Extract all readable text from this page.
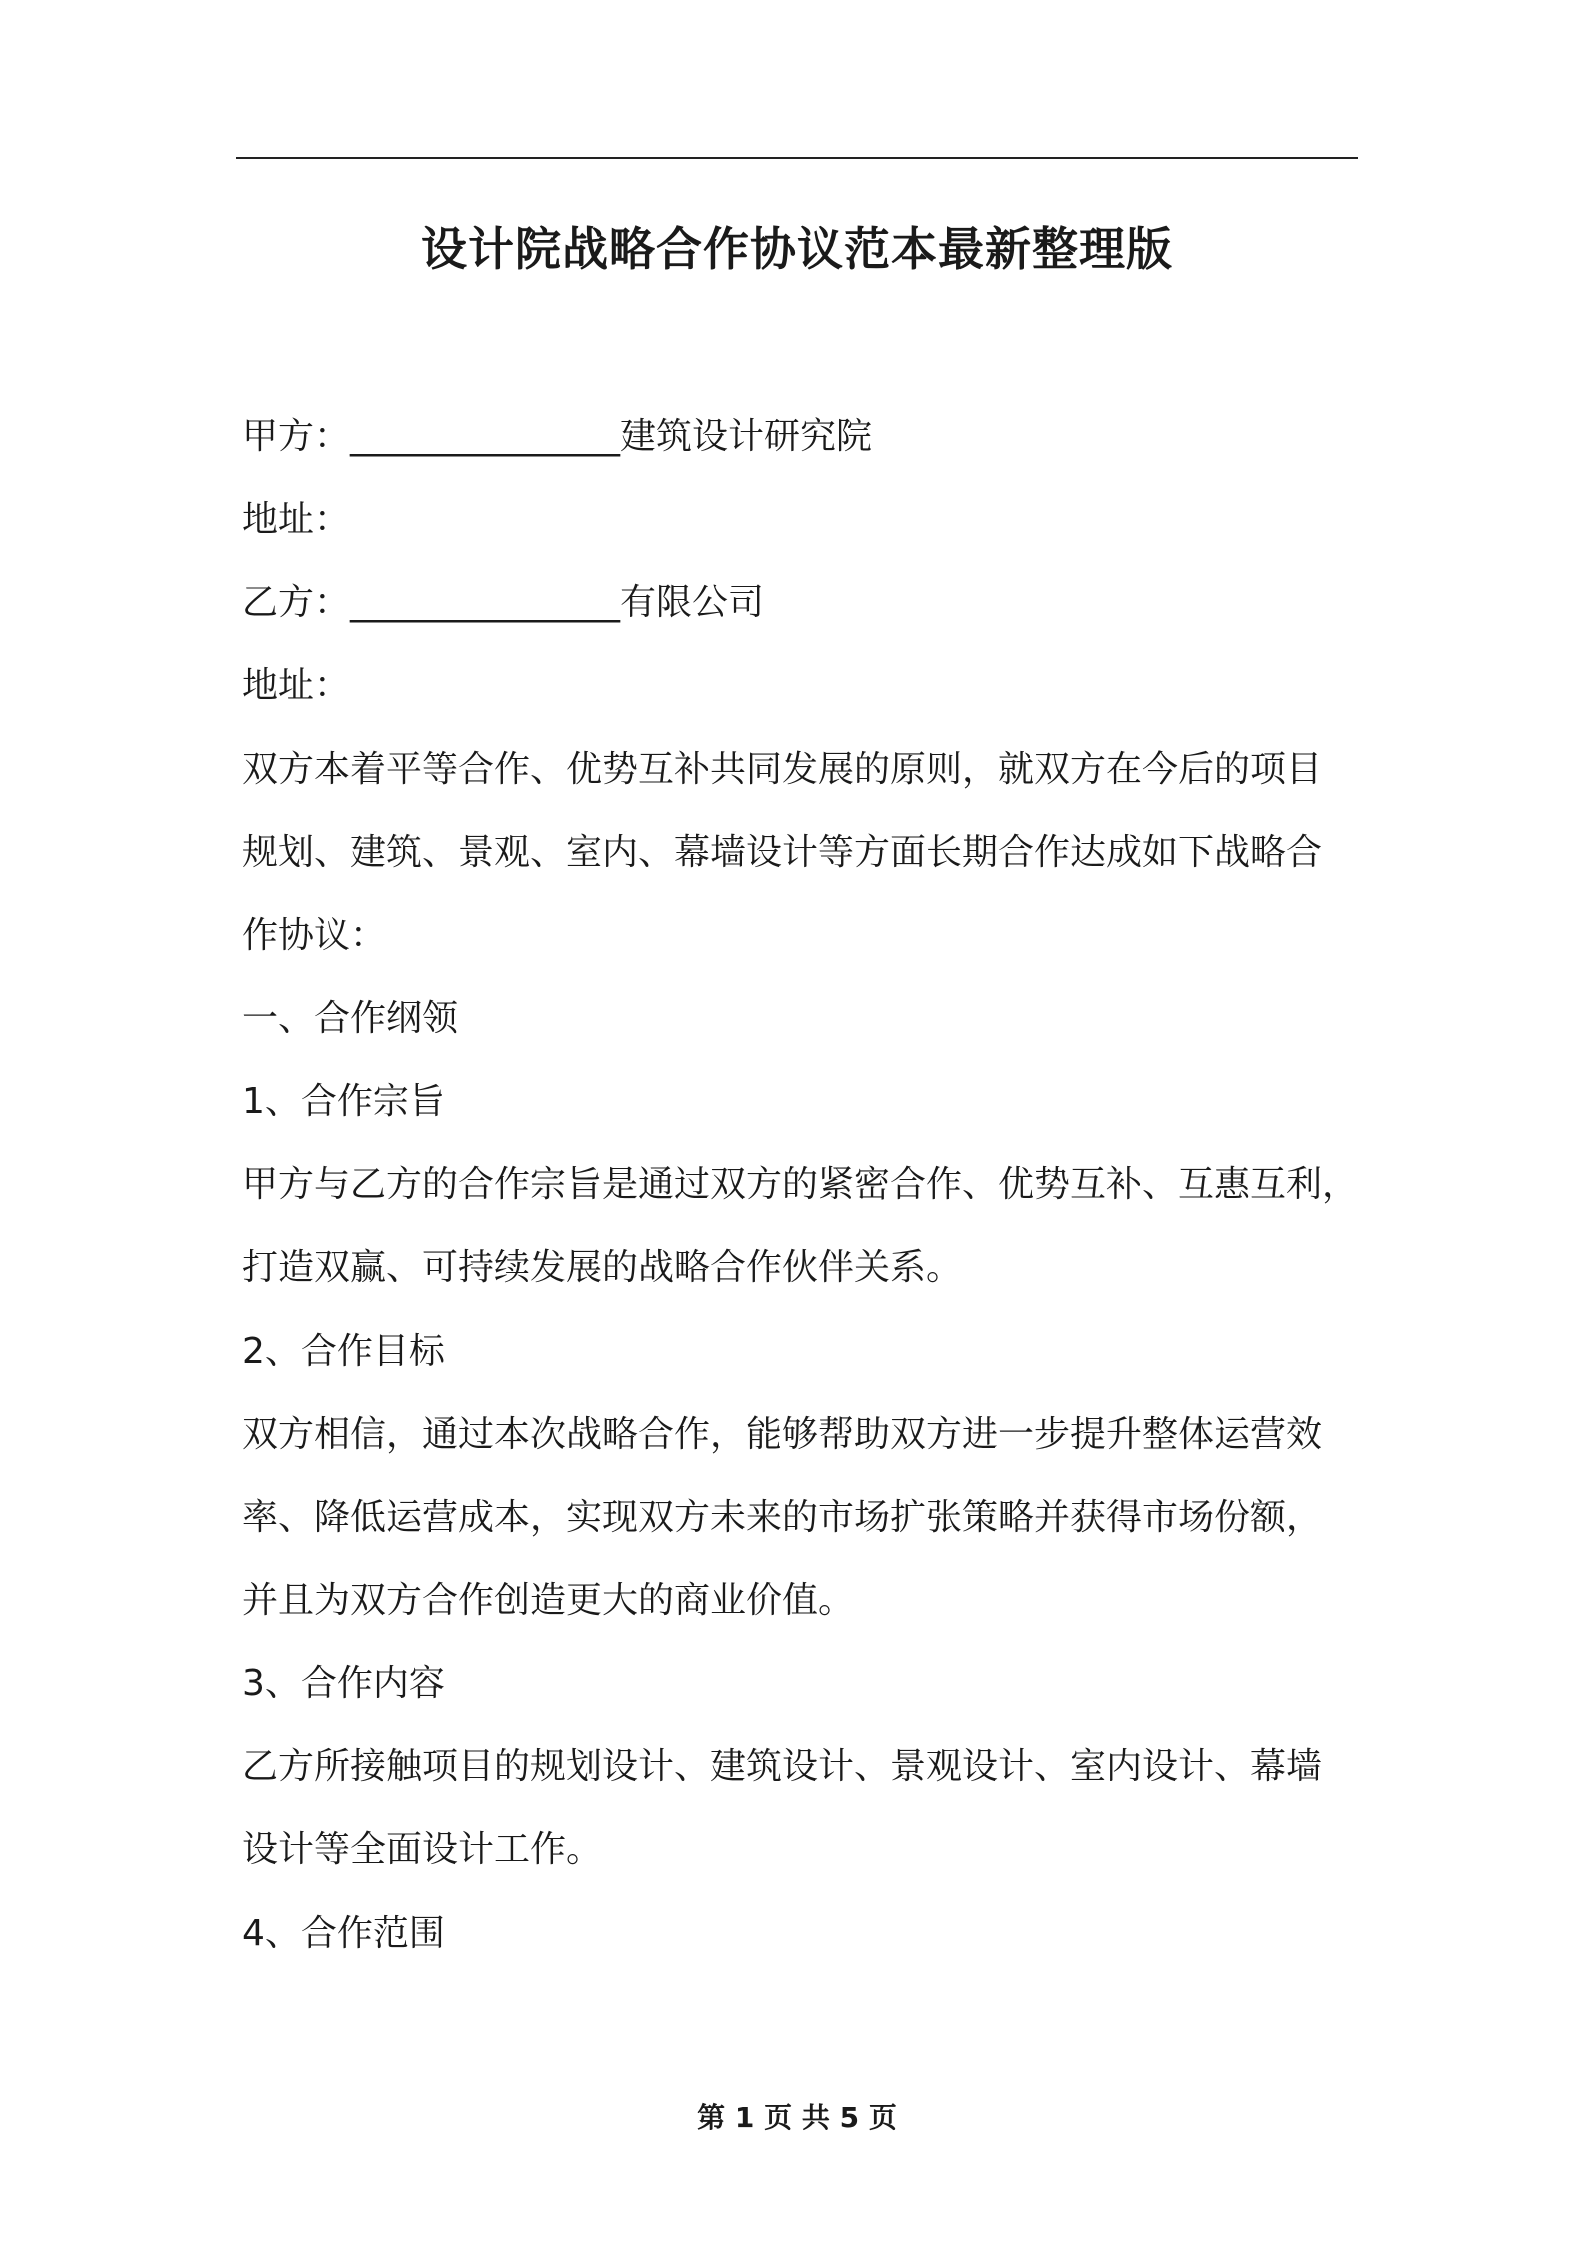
设计院战略合作协议范本最新整理版
甲方：_______________建筑设计研究院
地址：
乙方：_______________有限公司
地址：
双方本着平等合作、优势互补共同发展的原则，就双方在今后的项目
规划、建筑、景观、室内、幕墙设计等方面长期合作达成如下战略合
作协议：
一、合作纲领
1、合作宗旨
甲方与乙方的合作宗旨是通过双方的紧密合作、优势互补、互惠互利，
打造双赢、可持续发展的战略合作伙伴关系。
2、合作目标
双方相信，通过本次战略合作，能够帮助双方进一步提升整体运营效
率、降低运营成本，实现双方未来的市场扩张策略并获得市场份额，
并且为双方合作创造更大的商业价值。
3、合作内容
乙方所接触项目的规划设计、建筑设计、景观设计、室内设计、幕墙
设计等全面设计工作。
4、合作范围
第 1 页 共 5 页
